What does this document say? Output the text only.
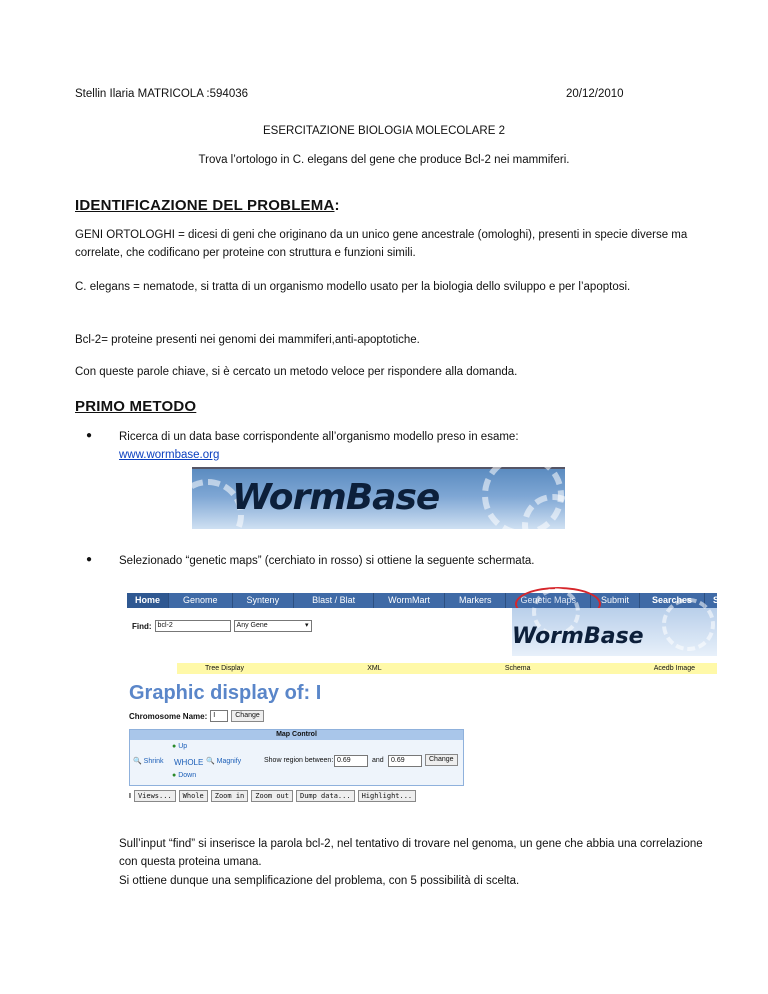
Stellin Ilaria MATRICOLA :594036	20/12/2010

ESERCITAZIONE BIOLOGIA MOLECOLARE 2

Trova l’ortologo in C. elegans del gene che produce Bcl-2 nei mammiferi.

IDENTIFICAZIONE DEL PROBLEMA:

GENI ORTOLOGHI = dicesi di geni che originano da un unico gene ancestrale (omologhi), presenti in specie diverse ma correlate, che codificano per proteine con struttura e funzioni simili.

C. elegans = nematode, si tratta di un organismo modello usato per la biologia dello sviluppo e per l’apoptosi.

Bcl-2= proteine presenti nei genomi dei mammiferi,anti-apoptotiche.

Con queste parole chiave, si è cercato un metodo veloce per rispondere alla domanda.

PRIMO METODO
● Ricerca di un data base corrispondente all’organismo modello preso in esame:
www.wormbase.org
WormBase
● Selezionado “genetic maps” (cerchiato in rosso) si ottiene la seguente schermata.

Home	Genome	Synteny	Blast / Blat	WormMart	Markers	Genetic Maps	Submit	Searches	Site
WormBase
Find: bcl-2	Any Gene	▾
Tree Display	XML	Schema	Acedb Image
Graphic display of: I
Chromosome Name: I	Change
Map Control
● Up
🔍 Shrink WHOLE 🔍 Magnify
● Down
Show region between: 0.69	and	0.69	Change
I	Views...	Whole	Zoom in	Zoom out	Dump data...	Highlight...

Sull’input “find” si inserisce la parola bcl-2, nel tentativo di trovare nel genoma, un gene che abbia una correlazione con questa proteina umana.

Si ottiene dunque una semplificazione del problema, con 5 possibilità di scelta.
